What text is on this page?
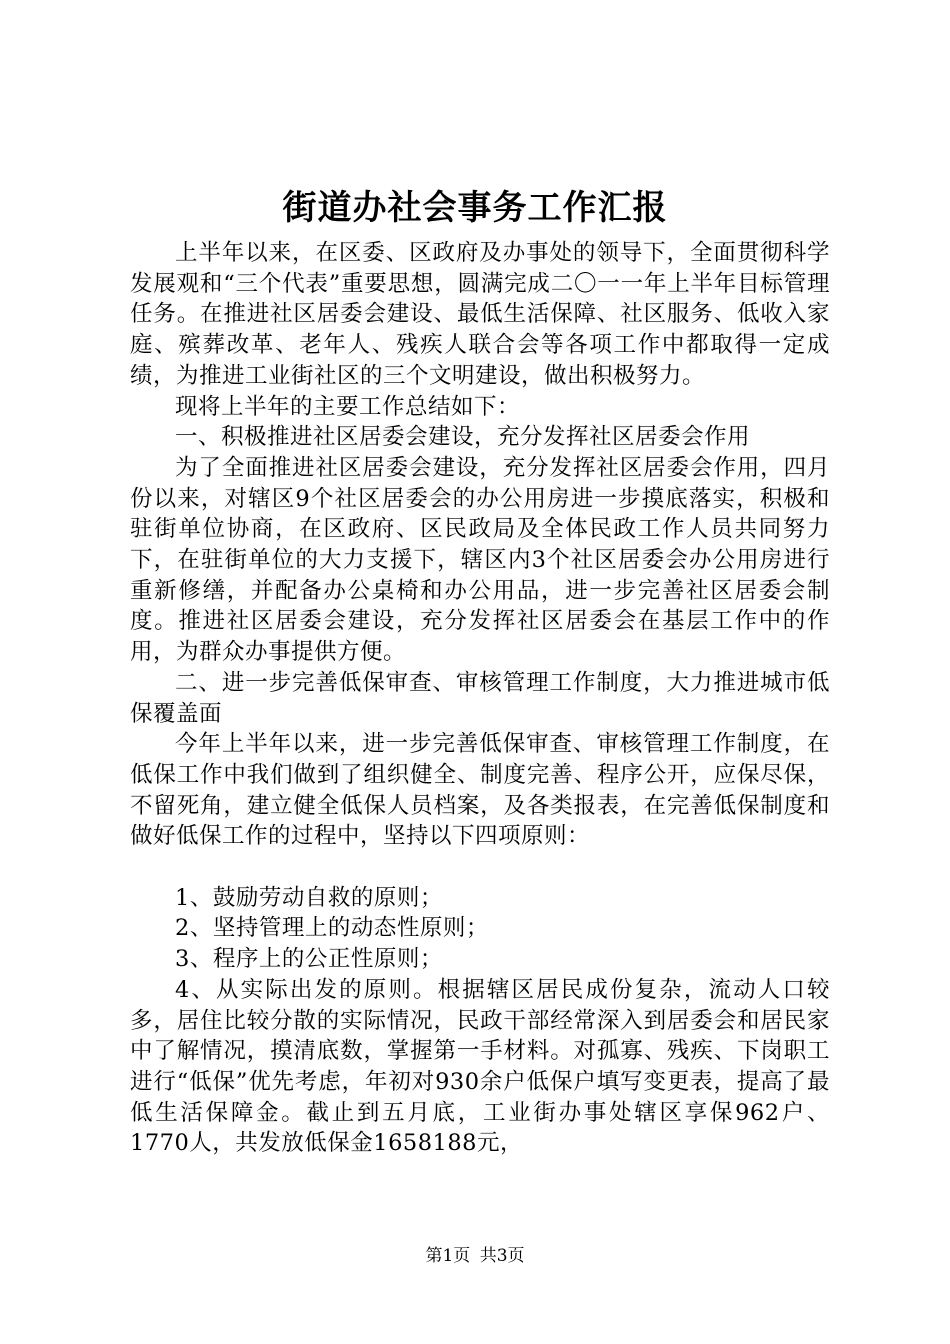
街道办社会事务工作汇报

上半年以来，在区委、区政府及办事处的领导下，全面贯彻科学发展观和“三个代表”重要思想，圆满完成二〇一一年上半年目标管理任务。在推进社区居委会建设、最低生活保障、社区服务、低收入家庭、殡葬改革、老年人、残疾人联合会等各项工作中都取得一定成绩，为推进工业街社区的三个文明建设，做出积极努力。

现将上半年的主要工作总结如下：

一、积极推进社区居委会建设，充分发挥社区居委会作用

为了全面推进社区居委会建设，充分发挥社区居委会作用，四月份以来，对辖区9个社区居委会的办公用房进一步摸底落实，积极和驻街单位协商，在区政府、区民政局及全体民政工作人员共同努力下，在驻街单位的大力支援下，辖区内3个社区居委会办公用房进行重新修缮，并配备办公桌椅和办公用品，进一步完善社区居委会制度。推进社区居委会建设，充分发挥社区居委会在基层工作中的作用，为群众办事提供方便。

二、进一步完善低保审查、审核管理工作制度，大力推进城市低保覆盖面

今年上半年以来，进一步完善低保审查、审核管理工作制度，在低保工作中我们做到了组织健全、制度完善、程序公开，应保尽保，不留死角，建立健全低保人员档案，及各类报表，在完善低保制度和做好低保工作的过程中，坚持以下四项原则：

1、鼓励劳动自救的原则；

2、坚持管理上的动态性原则；

3、程序上的公正性原则；

4、从实际出发的原则。根据辖区居民成份复杂，流动人口较多，居住比较分散的实际情况，民政干部经常深入到居委会和居民家中了解情况，摸清底数，掌握第一手材料。对孤寡、残疾、下岗职工进行“低保”优先考虑，年初对930余户低保户填写变更表，提高了最低生活保障金。截止到五月底，工业街办事处辖区享保962户、1770人，共发放低保金1658188元，

第1页 共3页
